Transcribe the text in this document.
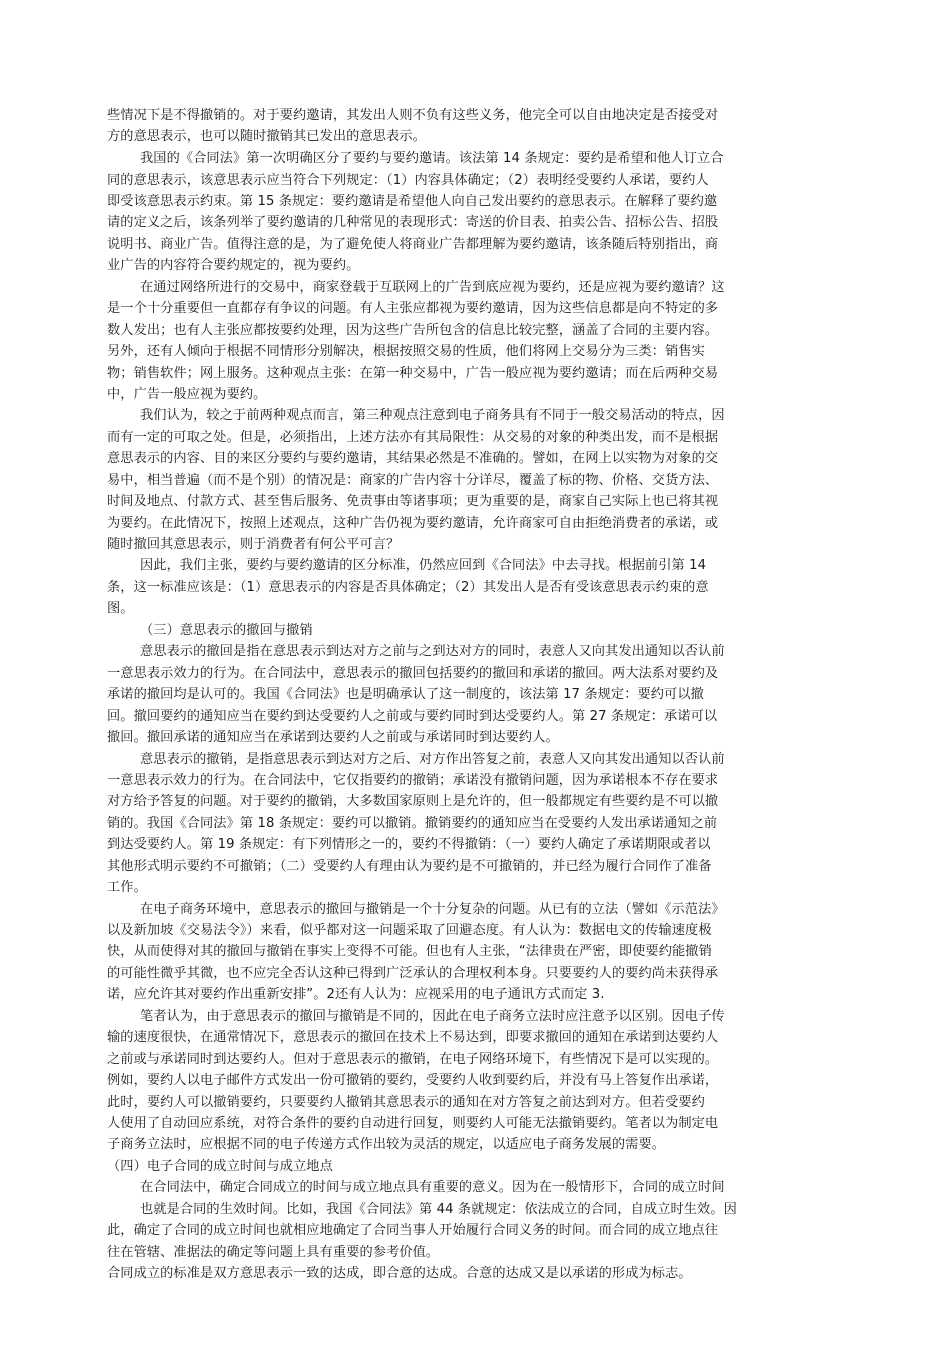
些情况下是不得撤销的。对于要约邀请，其发出人则不负有这些义务，他完全可以自由地决定是否接受对
方的意思表示，也可以随时撤销其已发出的意思表示。
我国的《合同法》第一次明确区分了要约与要约邀请。该法第 14 条规定：要约是希望和他人订立合
同的意思表示，该意思表示应当符合下列规定：（1）内容具体确定；（2）表明经受要约人承诺，要约人
即受该意思表示约束。第 15 条规定：要约邀请是希望他人向自己发出要约的意思表示。在解释了要约邀
请的定义之后，该条列举了要约邀请的几种常见的表现形式：寄送的价目表、拍卖公告、招标公告、招股
说明书、商业广告。值得注意的是，为了避免使人将商业广告都理解为要约邀请，该条随后特别指出，商
业广告的内容符合要约规定的，视为要约。
在通过网络所进行的交易中，商家登载于互联网上的广告到底应视为要约，还是应视为要约邀请？这
是一个十分重要但一直都存有争议的问题。有人主张应都视为要约邀请，因为这些信息都是向不特定的多
数人发出；也有人主张应都按要约处理，因为这些广告所包含的信息比较完整，涵盖了合同的主要内容。
另外，还有人倾向于根据不同情形分别解决，根据按照交易的性质，他们将网上交易分为三类：销售实
物；销售软件；网上服务。这种观点主张：在第一种交易中，广告一般应视为要约邀请；而在后两种交易
中，广告一般应视为要约。
我们认为，较之于前两种观点而言，第三种观点注意到电子商务具有不同于一般交易活动的特点，因
而有一定的可取之处。但是，必须指出，上述方法亦有其局限性：从交易的对象的种类出发，而不是根据
意思表示的内容、目的来区分要约与要约邀请，其结果必然是不准确的。譬如，在网上以实物为对象的交
易中，相当普遍（而不是个别）的情况是：商家的广告内容十分详尽，覆盖了标的物、价格、交货方法、
时间及地点、付款方式、甚至售后服务、免责事由等诸事项；更为重要的是，商家自己实际上也已将其视
为要约。在此情况下，按照上述观点，这种广告仍视为要约邀请，允许商家可自由拒绝消费者的承诺，或
随时撤回其意思表示，则于消费者有何公平可言？
因此，我们主张，要约与要约邀请的区分标准，仍然应回到《合同法》中去寻找。根据前引第 14
条，这一标准应该是：（1）意思表示的内容是否具体确定；（2）其发出人是否有受该意思表示约束的意
图。
（三）意思表示的撤回与撤销
意思表示的撤回是指在意思表示到达对方之前与之到达对方的同时，表意人又向其发出通知以否认前
一意思表示效力的行为。在合同法中，意思表示的撤回包括要约的撤回和承诺的撤回。两大法系对要约及
承诺的撤回均是认可的。我国《合同法》也是明确承认了这一制度的，该法第 17 条规定：要约可以撤
回。撤回要约的通知应当在要约到达受要约人之前或与要约同时到达受要约人。第 27 条规定：承诺可以
撤回。撤回承诺的通知应当在承诺到达要约人之前或与承诺同时到达要约人。
意思表示的撤销，是指意思表示到达对方之后、对方作出答复之前，表意人又向其发出通知以否认前
一意思表示效力的行为。在合同法中，它仅指要约的撤销；承诺没有撤销问题，因为承诺根本不存在要求
对方给予答复的问题。对于要约的撤销，大多数国家原则上是允许的，但一般都规定有些要约是不可以撤
销的。我国《合同法》第 18 条规定：要约可以撤销。撤销要约的通知应当在受要约人发出承诺通知之前
到达受要约人。第 19 条规定：有下列情形之一的，要约不得撤销：（一）要约人确定了承诺期限或者以
其他形式明示要约不可撤销；（二）受要约人有理由认为要约是不可撤销的，并已经为履行合同作了准备
工作。
在电子商务环境中，意思表示的撤回与撤销是一个十分复杂的问题。从已有的立法（譬如《示范法》
以及新加坡《交易法令》）来看，似乎都对这一问题采取了回避态度。有人认为：数据电文的传输速度极
快，从而使得对其的撤回与撤销在事实上变得不可能。但也有人主张，“法律贵在严密，即使要约能撤销
的可能性微乎其微，也不应完全否认这种已得到广泛承认的合理权利本身。只要要约人的要约尚未获得承
诺，应允许其对要约作出重新安排”。2还有人认为：应视采用的电子通讯方式而定 3.
笔者认为，由于意思表示的撤回与撤销是不同的，因此在电子商务立法时应注意予以区别。因电子传
输的速度很快，在通常情况下，意思表示的撤回在技术上不易达到，即要求撤回的通知在承诺到达要约人
之前或与承诺同时到达要约人。但对于意思表示的撤销，在电子网络环境下，有些情况下是可以实现的。
例如，要约人以电子邮件方式发出一份可撤销的要约，受要约人收到要约后，并没有马上答复作出承诺，
此时，要约人可以撤销要约，只要要约人撤销其意思表示的通知在对方答复之前达到对方。但若受要约
人使用了自动回应系统，对符合条件的要约自动进行回复，则要约人可能无法撤销要约。笔者以为制定电
子商务立法时，应根据不同的电子传递方式作出较为灵活的规定，以适应电子商务发展的需要。
（四）电子合同的成立时间与成立地点
在合同法中，确定合同成立的时间与成立地点具有重要的意义。因为在一般情形下，合同的成立时间
也就是合同的生效时间。比如，我国《合同法》第 44 条就规定：依法成立的合同，自成立时生效。因
此，确定了合同的成立时间也就相应地确定了合同当事人开始履行合同义务的时间。而合同的成立地点往
往在管辖、准据法的确定等问题上具有重要的参考价值。
合同成立的标准是双方意思表示一致的达成，即合意的达成。合意的达成又是以承诺的形成为标志。
